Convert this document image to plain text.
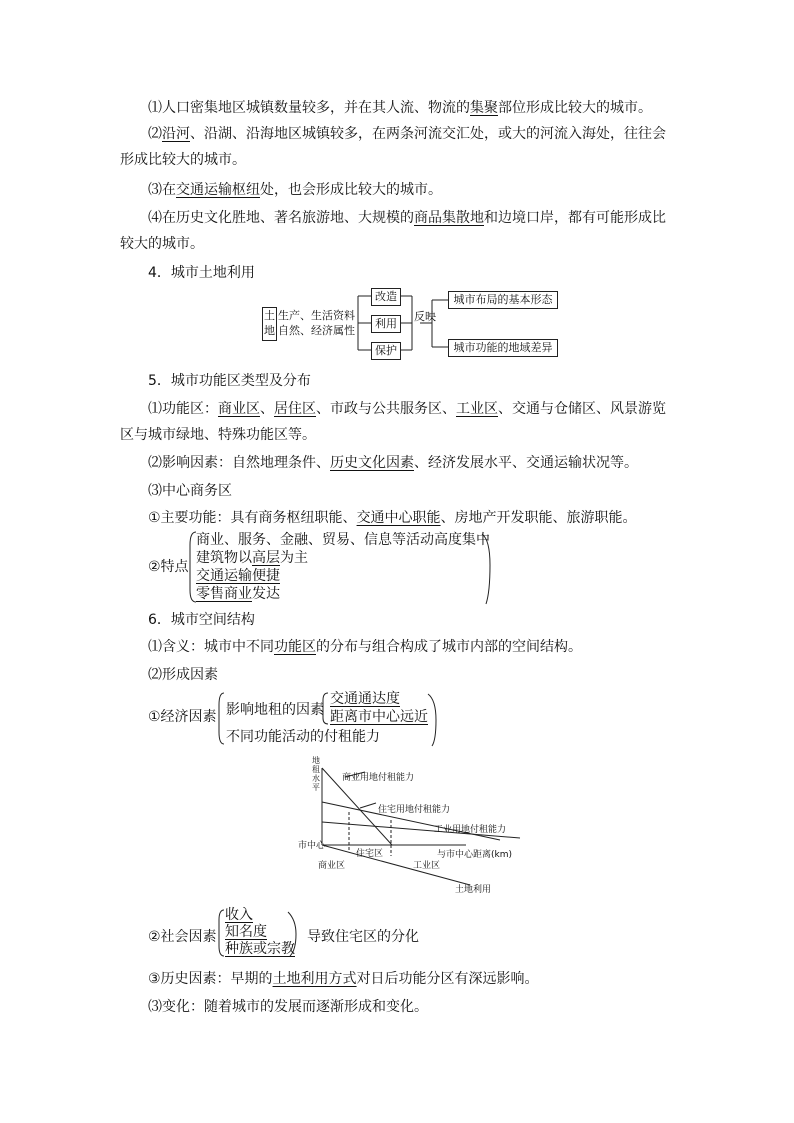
⑴人口密集地区城镇数量较多，并在其人流、物流的集聚部位形成比较大的城市。

⑵沿河、沿湖、沿海地区城镇较多，在两条河流交汇处，或大的河流入海处，往往会

形成比较大的城市。

⑶在交通运输枢纽处，也会形成比较大的城市。

⑷在历史文化胜地、著名旅游地、大规模的商品集散地和边境口岸，都有可能形成比

较大的城市。

4．城市土地利用

土地
生产、生活资料
自然、经济属性
改造
利用
保护
反映
城市布局的基本形态
城市功能的地域差异

5．城市功能区类型及分布

⑴功能区：商业区、居住区、市政与公共服务区、工业区、交通与仓储区、风景游览

区与城市绿地、特殊功能区等。

⑵影响因素：自然地理条件、历史文化因素、经济发展水平、交通运输状况等。

⑶中心商务区

①主要功能：具有商务枢纽职能、交通中心职能、房地产开发职能、旅游职能。

②特点
商业、服务、金融、贸易、信息等活动高度集中
建筑物以高层为主
交通运输便捷
零售商业发达

6．城市空间结构

⑴含义：城市中不同功能区的分布与组合构成了城市内部的空间结构。

⑵形成因素

①经济因素 影响地租的因素
交通通达度
距离市中心远近
不同功能活动的付租能力
地租水平
市中心
与市中心距离(km)
商业用地付租能力
住宅用地付租能力
工业用地付租能力
商业区
住宅区
工业区
土地利用
②社会因素
收入
知名度
种族或宗教
导致住宅区的分化

③历史因素：早期的土地利用方式对日后功能分区有深远影响。

⑶变化：随着城市的发展而逐渐形成和变化。
